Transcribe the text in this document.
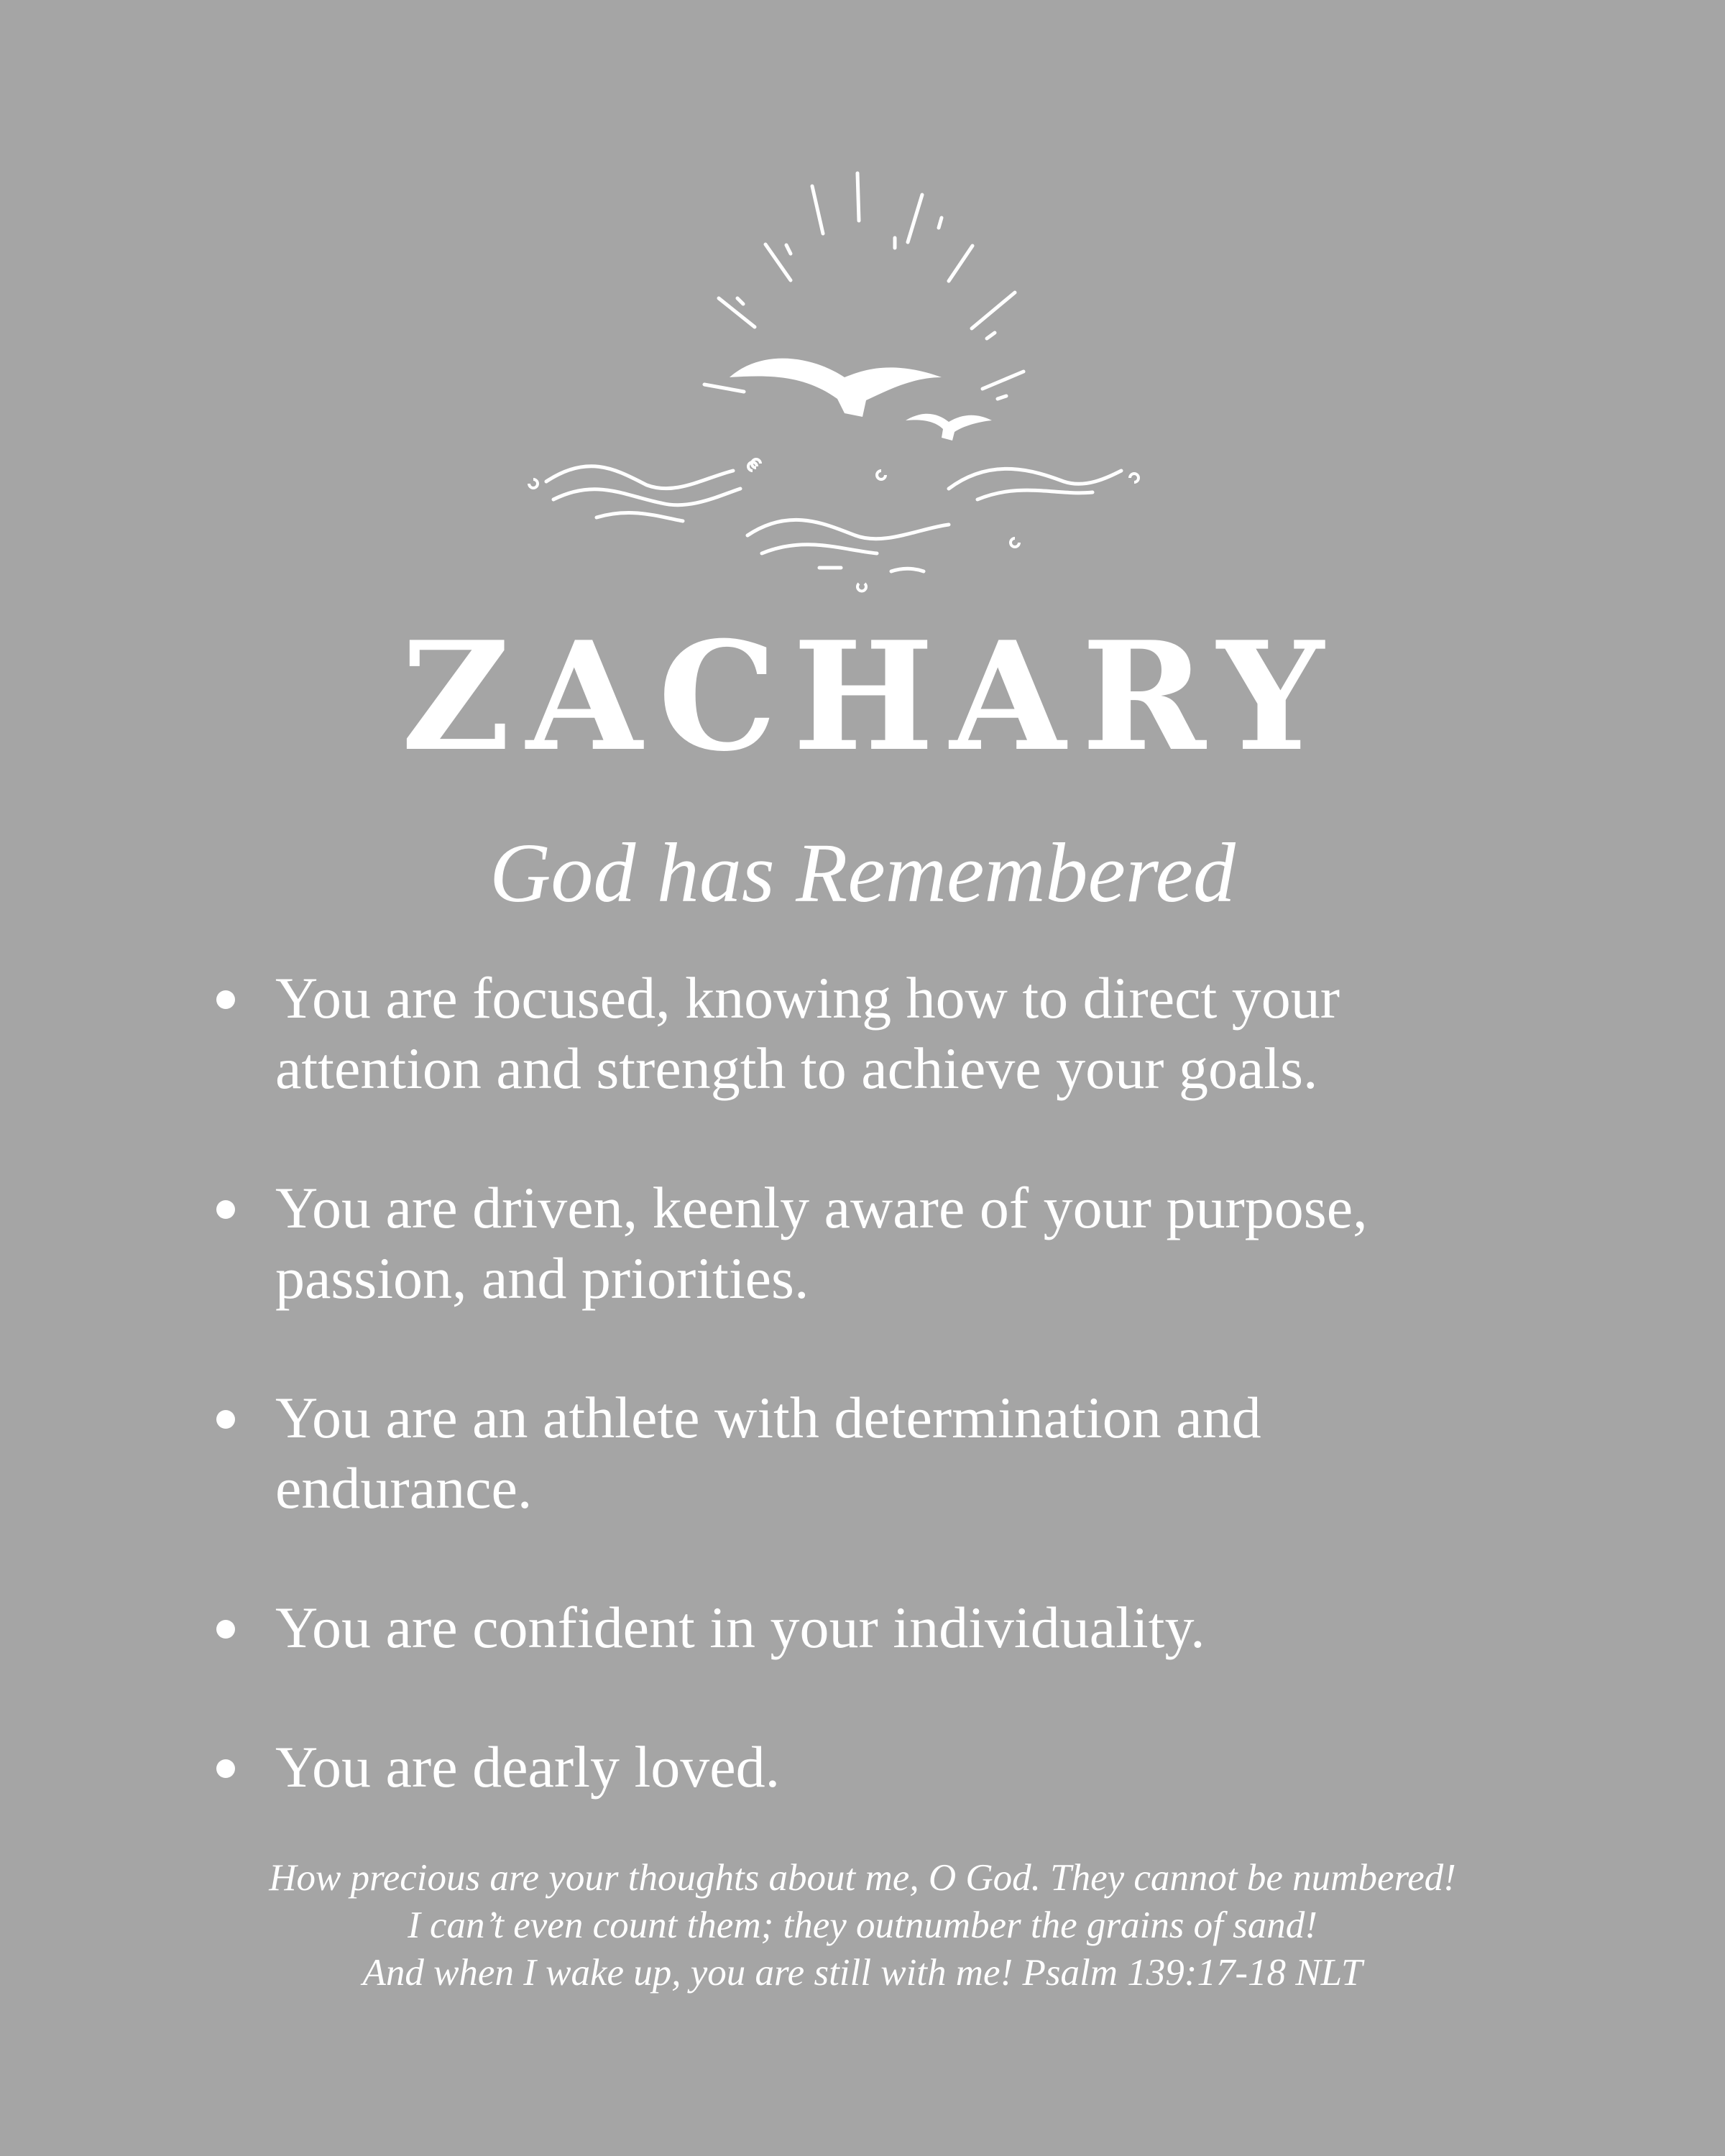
ZACHARY
God has Remembered
You are focused, knowing how to direct your
attention and strength to achieve your goals.
You are driven, keenly aware of your purpose,
passion, and priorities.
You are an athlete with determination and
endurance.
You are confident in your individuality.
You are dearly loved.
How precious are your thoughts about me, O God. They cannot be numbered!
I can’t even count them; they outnumber the grains of sand!
And when I wake up, you are still with me! Psalm 139:17-18 NLT
